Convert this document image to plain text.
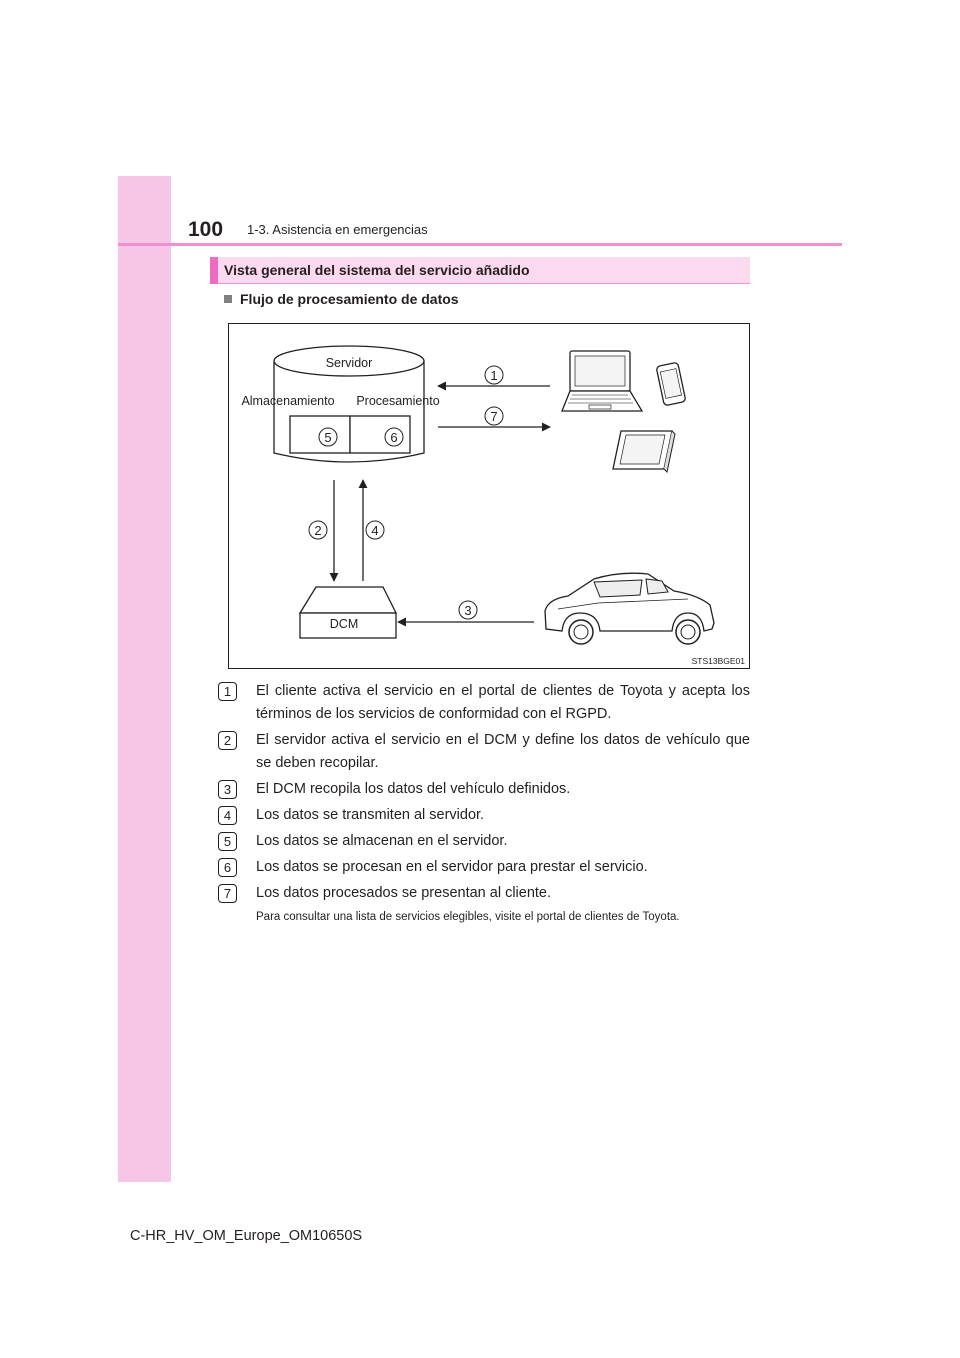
100 1-3. Asistencia en emergencias
Vista general del sistema del servicio añadido
Flujo de procesamiento de datos
Servidor
Almacenamiento Procesamiento
5	6
1
7
2	4
DCM
3
STS13BGE01
1	El cliente activa el servicio en el portal de clientes de Toyota y acepta los términos de los servicios de conformidad con el RGPD.
2	El servidor activa el servicio en el DCM y define los datos de vehículo que se deben recopilar.
3	El DCM recopila los datos del vehículo definidos.
4	Los datos se transmiten al servidor.
5	Los datos se almacenan en el servidor.
6	Los datos se procesan en el servidor para prestar el servicio.
7	Los datos procesados se presentan al cliente.
Para consultar una lista de servicios elegibles, visite el portal de clientes de Toyota.
C-HR_HV_OM_Europe_OM10650S
